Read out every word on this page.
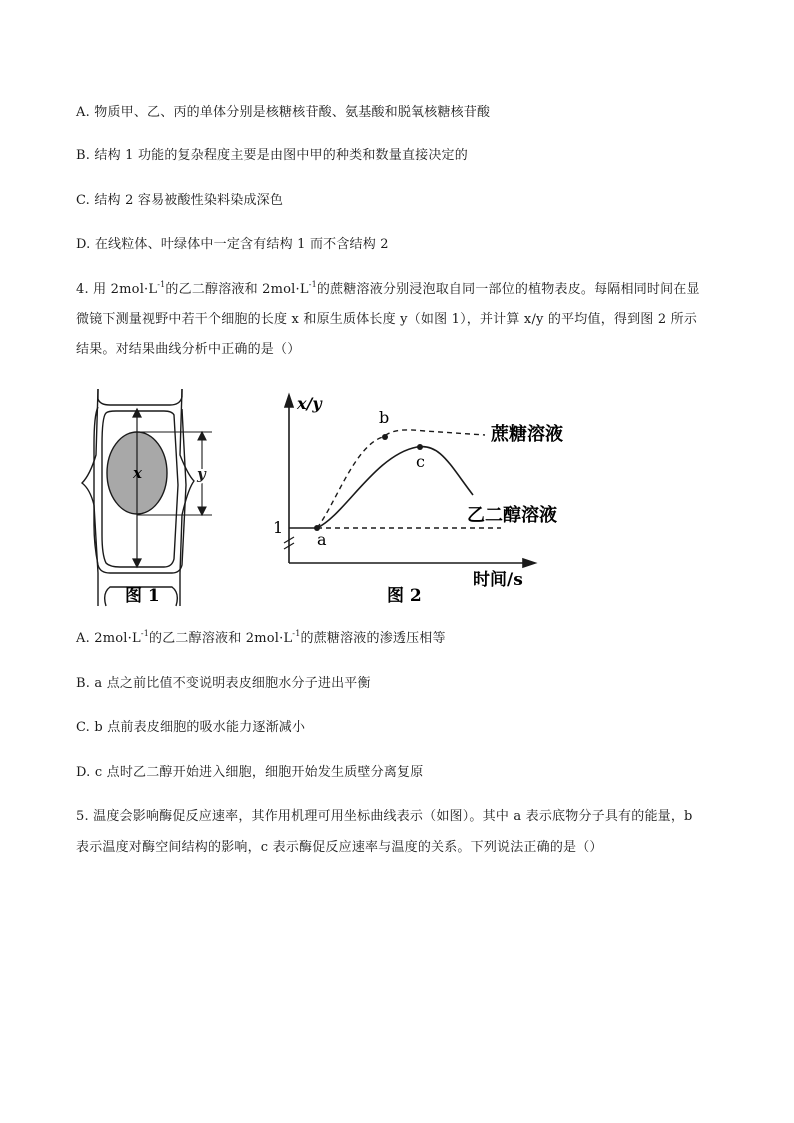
A. 物质甲、乙、丙的单体分别是核糖核苷酸、氨基酸和脱氧核糖核苷酸
B. 结构 1 功能的复杂程度主要是由图中甲的种类和数量直接决定的
C. 结构 2 容易被酸性染料染成深色
D. 在线粒体、叶绿体中一定含有结构 1 而不含结构 2
4. 用 $2mol\cdot L^{-1}$的乙二醇溶液和 $2mol\cdot L^{-1}$的蔗糖溶液分别浸泡取自同一部位的植物表皮。每隔相同时间在显
微镜下测量视野中若干个细胞的长度 x 和原生质体长度 y（如图 1），并计算 x/y 的平均值，得到图 2 所示
结果。对结果曲线分析中正确的是（）
x	y
图 1
1
a
b
c
x/y
蔗糖溶液
乙二醇溶液
时间/s
图 2
A. $2mol\cdot L^{-1}$的乙二醇溶液和 $2mol\cdot L^{-1}$的蔗糖溶液的渗透压相等
B. a 点之前比值不变说明表皮细胞水分子进出平衡
C. b 点前表皮细胞的吸水能力逐渐减小
D. c 点时乙二醇开始进入细胞，细胞开始发生质壁分离复原
5. 温度会影响酶促反应速率，其作用机理可用坐标曲线表示（如图）。其中 a 表示底物分子具有的能量，b
表示温度对酶空间结构的影响，c 表示酶促反应速率与温度的关系。下列说法正确的是（）
